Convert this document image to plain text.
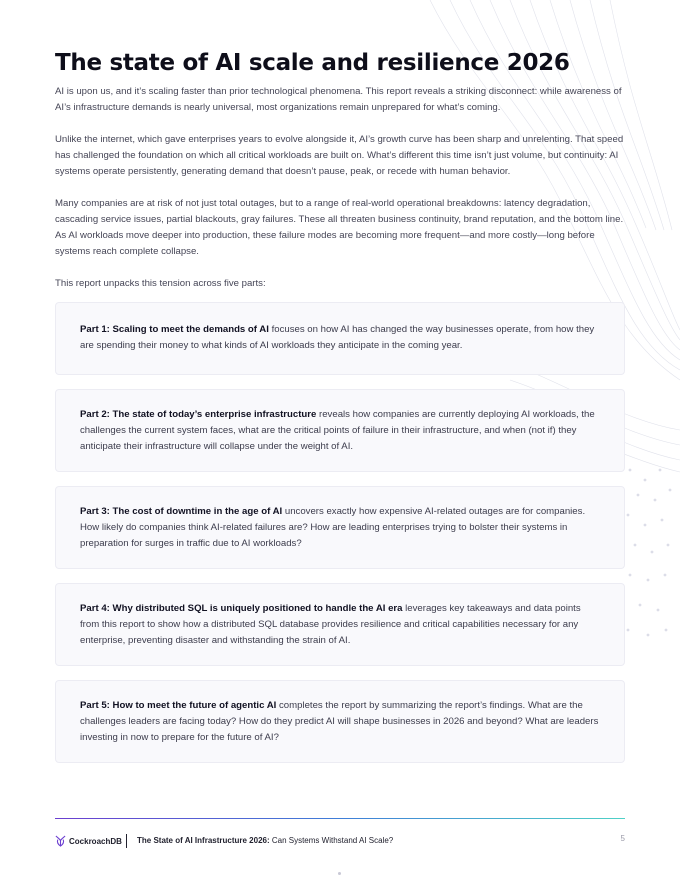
The state of AI scale and resilience 2026

AI is upon us, and it’s scaling faster than prior technological phenomena. This report reveals a striking disconnect: while awareness of AI’s infrastructure demands is nearly universal, most organizations remain unprepared for what’s coming.

Unlike the internet, which gave enterprises years to evolve alongside it, AI’s growth curve has been sharp and unrelenting. That speed has challenged the foundation on which all critical workloads are built on. What’s different this time isn’t just volume, but continuity: AI systems operate persistently, generating demand that doesn’t pause, peak, or recede with human behavior.

Many companies are at risk of not just total outages, but to a range of real-world operational breakdowns: latency degradation, cascading service issues, partial blackouts, gray failures. These all threaten business continuity, brand reputation, and the bottom line. As AI workloads move deeper into production, these failure modes are becoming more frequent—and more costly—long before systems reach complete collapse.

This report unpacks this tension across five parts:

Part 1: Scaling to meet the demands of AI focuses on how AI has changed the way businesses operate, from how they are spending their money to what kinds of AI workloads they anticipate in the coming year.
Part 2: The state of today’s enterprise infrastructure reveals how companies are currently deploying AI workloads, the challenges the current system faces, what are the critical points of failure in their infrastructure, and when (not if) they anticipate their infrastructure will collapse under the weight of AI.
Part 3: The cost of downtime in the age of AI uncovers exactly how expensive AI-related outages are for companies. How likely do companies think AI-related failures are? How are leading enterprises trying to bolster their systems in preparation for surges in traffic due to AI workloads?
Part 4: Why distributed SQL is uniquely positioned to handle the AI era leverages key takeaways and data points from this report to show how a distributed SQL database provides resilience and critical capabilities necessary for any enterprise, preventing disaster and withstanding the strain of AI.
Part 5: How to meet the future of agentic AI completes the report by summarizing the report’s findings. What are the challenges leaders are facing today? How do they predict AI will shape businesses in 2026 and beyond? What are leaders investing in now to prepare for the future of AI?
CockroachDB The State of AI Infrastructure 2026: Can Systems Withstand AI Scale?	5
